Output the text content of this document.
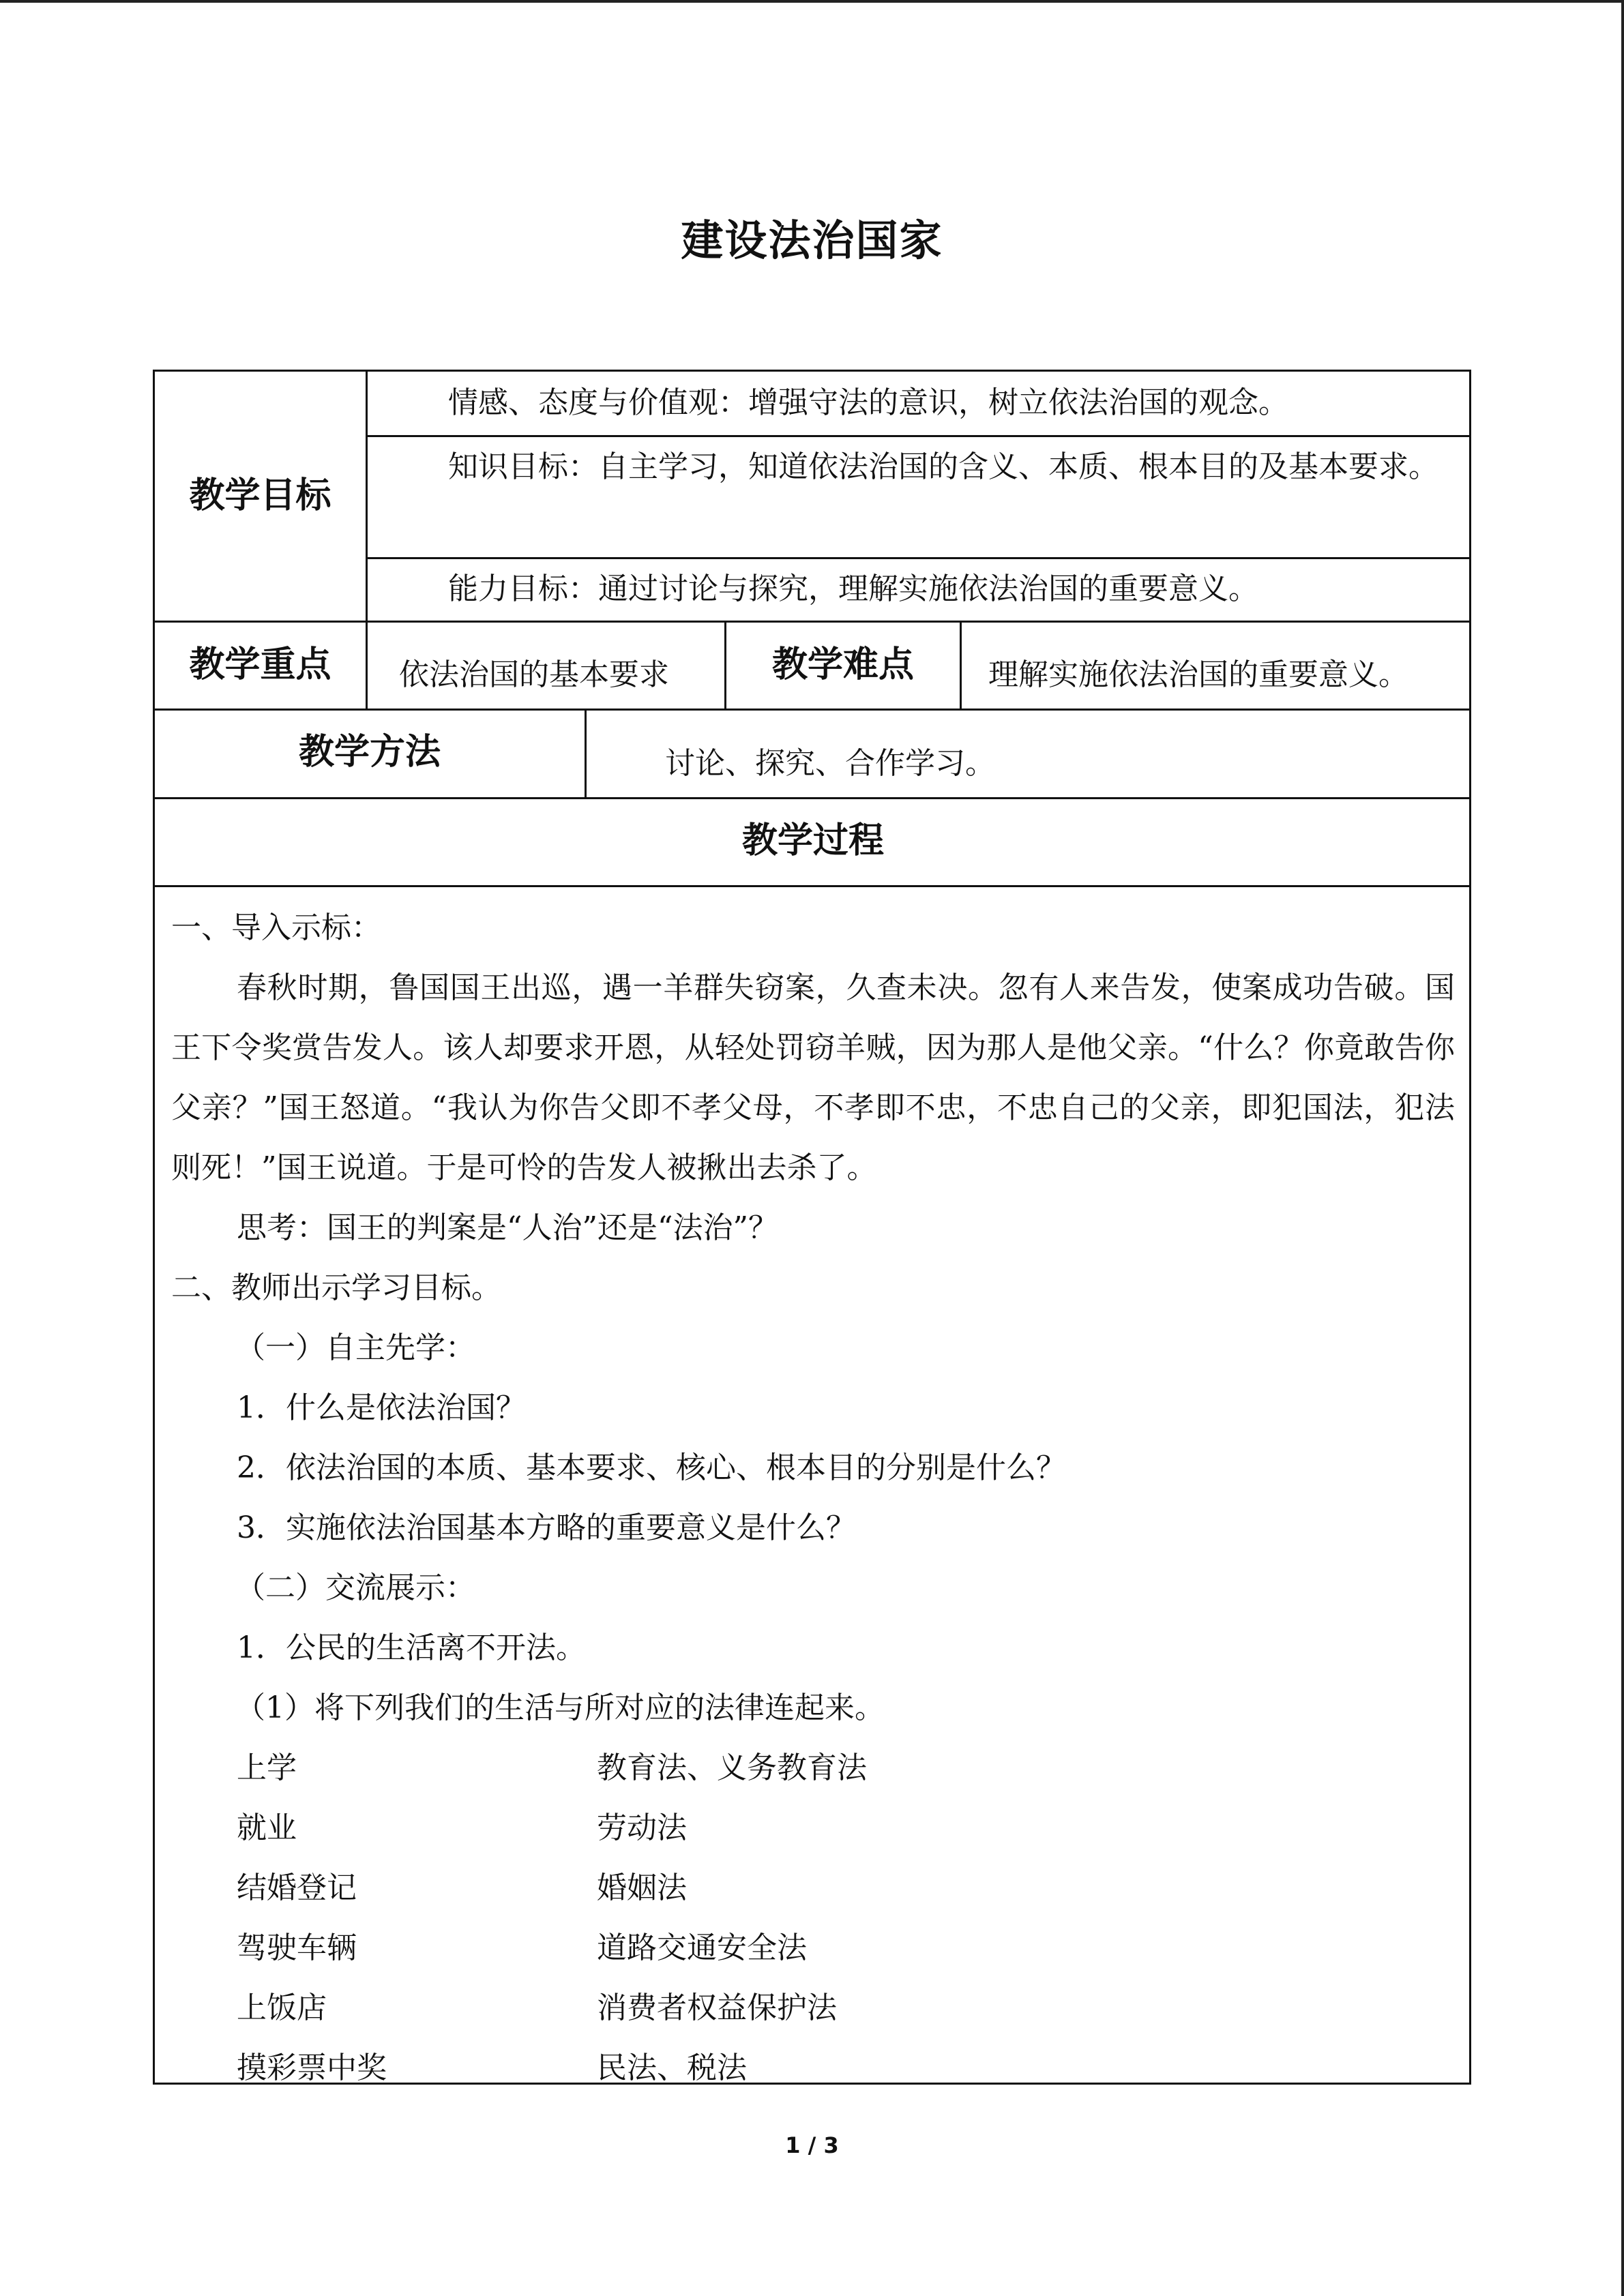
建设法治国家
教学目标
情感、态度与价值观：增强守法的意识，树立依法治国的观念。
知识目标：自主学习，知道依法治国的含义、本质、根本目的及基本要求。
能力目标：通过讨论与探究，理解实施依法治国的重要意义。
教学重点	依法治国的基本要求	教学难点	理解实施依法治国的重要意义。
教学方法	讨论、探究、合作学习。
教学过程
一、导入示标：
春秋时期，鲁国国王出巡，遇一羊群失窃案，久查未决。忽有人来告发，使案成功告破。国王下令奖赏告发人。该人却要求开恩，从轻处罚窃羊贼，因为那人是他父亲。“什么？你竟敢告你父亲？”国王怒道。“我认为你告父即不孝父母，不孝即不忠，不忠自己的父亲，即犯国法，犯法则死！”国王说道。于是可怜的告发人被揪出去杀了。
思考：国王的判案是“人治”还是“法治”？
二、教师出示学习目标。
（一）自主先学：
1．什么是依法治国？
2．依法治国的本质、基本要求、核心、根本目的分别是什么？
3．实施依法治国基本方略的重要意义是什么？
（二）交流展示：
1．公民的生活离不开法。
（1）将下列我们的生活与所对应的法律连起来。
上学	教育法、义务教育法
就业	劳动法
结婚登记	婚姻法
驾驶车辆	道路交通安全法
上饭店	消费者权益保护法
摸彩票中奖	民法、税法
1 / 3
